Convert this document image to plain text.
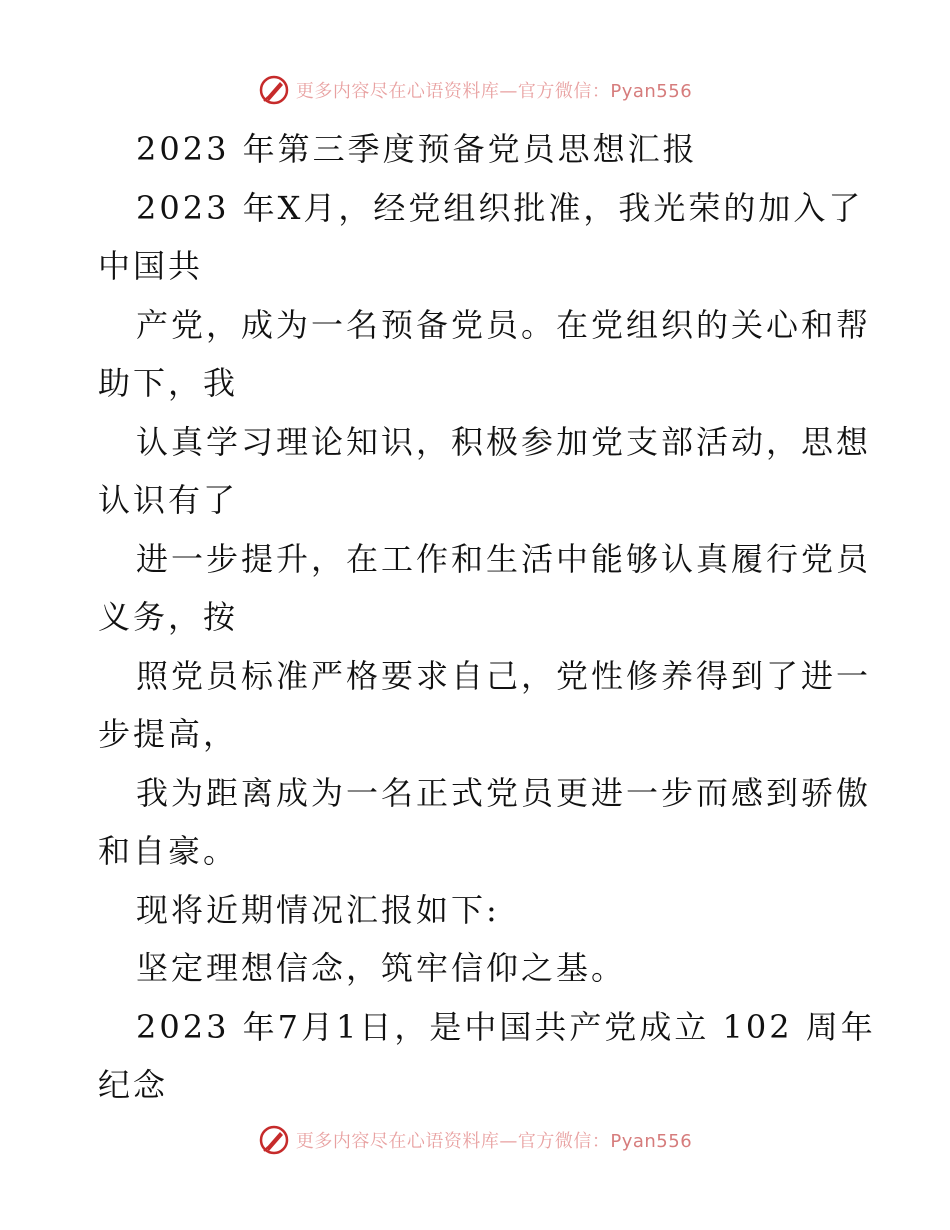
更多内容尽在心语资料库—官方微信：Pyan556
2023 年第三季度预备党员思想汇报
2023 年X月，经党组织批准，我光荣的加入了
中国共
产党，成为一名预备党员。在党组织的关心和帮
助下，我
认真学习理论知识，积极参加党支部活动，思想
认识有了
进一步提升，在工作和生活中能够认真履行党员
义务，按
照党员标准严格要求自己，党性修养得到了进一
步提高，
我为距离成为一名正式党员更进一步而感到骄傲
和自豪。
现将近期情况汇报如下:
坚定理想信念，筑牢信仰之基。
2023 年7月1日，是中国共产党成立 102 周年
纪念
更多内容尽在心语资料库—官方微信：Pyan556
